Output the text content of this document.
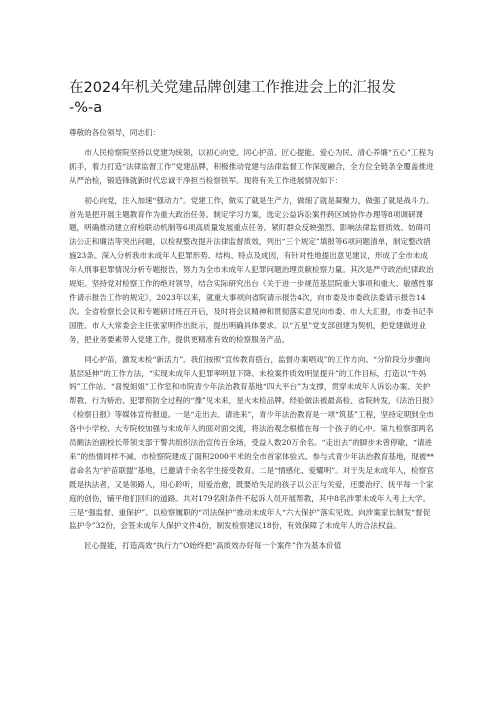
在2024年机关党建品牌创建工作推进会上的汇报发
-%-a

尊敬的各位领导，同志们：

市人民检察院坚持以党建为统领，以初心向党、同心护苗、匠心提能、爱心为民、清心养廉“五心”工程为抓手，着力打造“法律监督工作”党建品牌，积极推动党建与法律监督工作深度融合，全方位全链条全覆盖推进从严治检，锻造锋就新时代忠诚干净担当检察铁军。现将有关工作进展情况如下：

初心向党，注入加速“强动力”。党建工作，做实了就是生产力，做细了就是凝聚力，做强了就是战斗力。首先是把开展主题教育作为重大政治任务。制定学习方案，选定公益诉讼案件跨区域协作办理等8项调研课题，明确推动建立府检联动机制等6项高质量发展重点任务。紧盯群众反映强烈、影响法律监督质效、妨碍司法公正和廉洁等突出问题，以检视整改提升法律监督质效，列出“三个规定”填报等6项问题清单，制定整改措施23条。深入分析我市未成年人犯罪形势、结构、特点及成因，有针对性地提出意见建议，形成了全市未成年人刑事犯罪情况分析专题报告，努力为全市未成年人犯罪问题治理贡献检察力量。其次是严守政治纪律政治规矩。坚持党对检察工作的绝对领导，结合实际研究出台《关于进一步规范基层院重大事项和重大、敏感性事件请示报告工作的规定》，2023年以来，就重大事项向省院请示报告4次，向市委及市委政法委请示报告14次。全省检察长会议和专题研讨班召开后，及时将会议精神和贯彻落实意见向市委、市人大汇报，市委书记李国胜、市人大常委会主任张家明作出批示，提出明确具体要求。以“五星”党支部创建为契机，把党建做进业务，把业务要素带入党建工作，提供更精准有效的检察服务产品。

同心护苗，激发未检“新活力”。我们按照“宣传教育搭台，监督办案唱戏”的工作方向、“分阶段分步骤向基层延伸”的工作方法，“实现未成年人犯罪率明显下降、未检案件质效明显提升”的工作目标，打造以“牛妈妈”工作站、“喜悦姐姐”工作室和市院青少年法治教育基地“四大平台”为支撑，贯穿未成年人诉讼办案、关护帮教、行为矫治、犯罪预防全过程的“豫”见未来，星火未检品牌。经验做法被最高检、省院转发，《法治日报》《检察日报》等媒体宣传报道。一是“走出去、请进来”，青少年法治教育是一项“筑基”工程，坚持定期到全市各中小学校、大专院校加强与未成年人的面对面交流，将法治观念根植在每一个孩子的心中。第九检察部两名员额法治副校长带领支部干警共组织法治宣传百余场，受益人数20万余名。“走出去”的脚步未曾停歇，“请进来”的热情同样不减。市检察院建成了面积2000平米的全市首家体验式、参与式青少年法治教育基地，现被**省命名为“护苗联盟”基地，已邀请千余名学生接受教育。二是“情感化、爱耀明”。对于失足未成年人，检察官既是执法者，又是领路人，用心聆听，用爱治愈，既要给失足的孩子以公正与关爱，还要治疗、抚平每一个家庭的创伤，铺平他们回归的道路。共对179名附条件不起诉人员开展帮教，其中8名涉罪未成年人考上大学。三是“强监督、重保护”。以检察履职的“司法保护”推动未成年人“六大保护”落实见效。向涉案家长制发“督促监护令”32份，会签未成年人保护文件4份，制发检察建议18份，有效保障了未成年人的合法权益。

匠心提能，打造高效“执行力”O始终把“高质效办好每一个案件”作为基本价值
